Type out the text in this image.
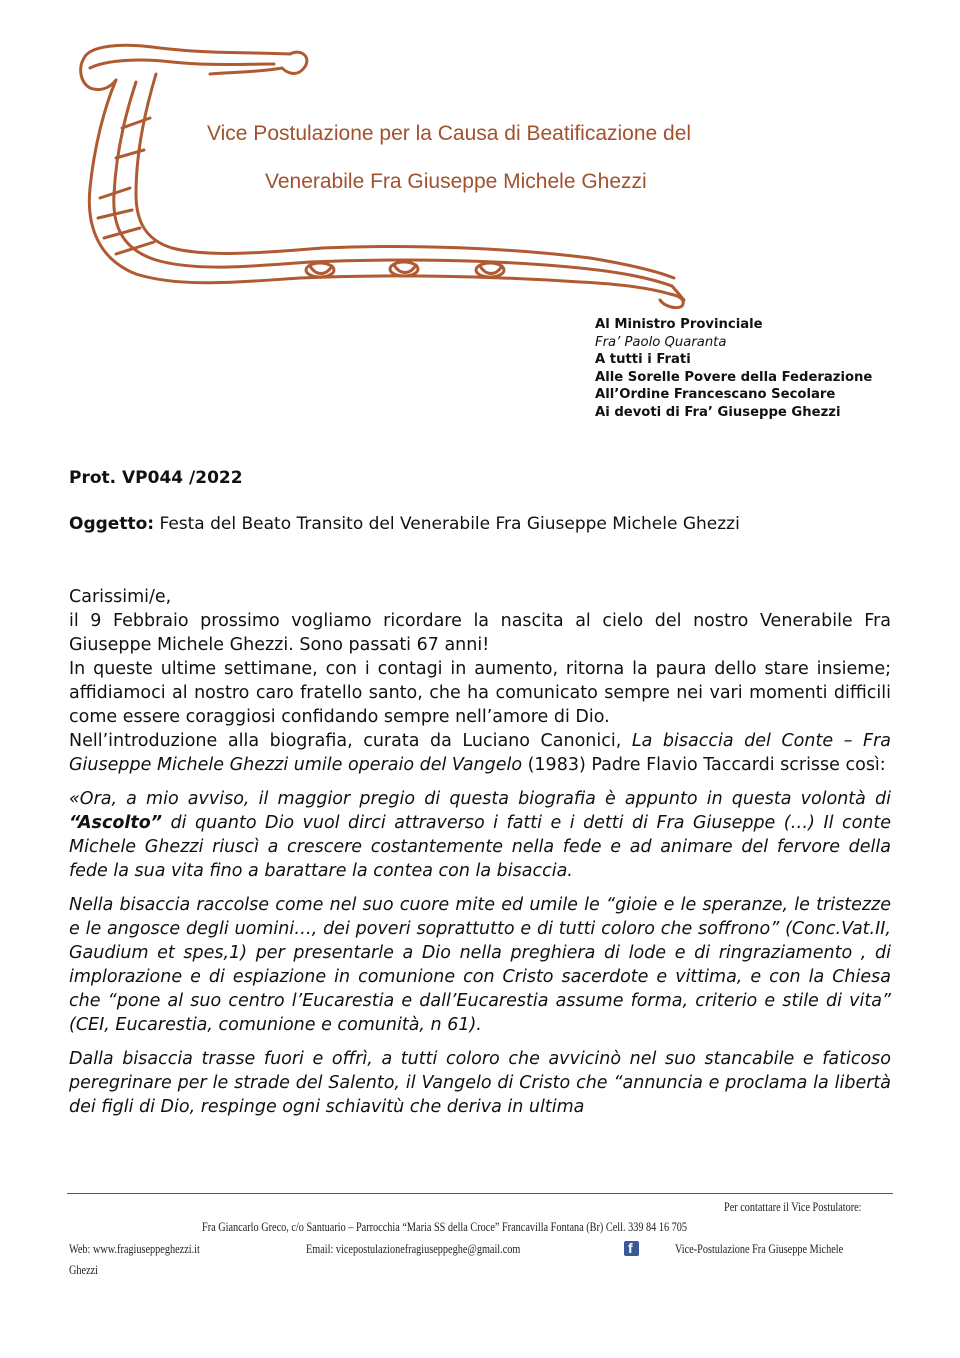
Vice Postulazione per la Causa di Beatificazione del
Venerabile Fra Giuseppe Michele Ghezzi
Al Ministro Provinciale
Fra’ Paolo Quaranta
A tutti i Frati
Alle Sorelle Povere della Federazione
All’Ordine Francescano Secolare
Ai devoti di Fra’ Giuseppe Ghezzi
Prot. VP044 /2022
Oggetto: Festa del Beato Transito del Venerabile Fra Giuseppe Michele Ghezzi

Carissimi/e,

il 9 Febbraio prossimo vogliamo ricordare la nascita al cielo del nostro Venerabile Fra Giuseppe Michele Ghezzi. Sono passati 67 anni!

In queste ultime settimane, con i contagi in aumento, ritorna la paura dello stare insieme; affidiamoci al nostro caro fratello santo, che ha comunicato sempre nei vari momenti difficili come essere coraggiosi confidando sempre nell’amore di Dio.

Nell’introduzione alla biografia, curata da Luciano Canonici, La bisaccia del Conte – Fra Giuseppe Michele Ghezzi umile operaio del Vangelo (1983) Padre Flavio Taccardi scrisse così:

«Ora, a mio avviso, il maggior pregio di questa biografia è appunto in questa volontà di “Ascolto” di quanto Dio vuol dirci attraverso i fatti e i detti di Fra Giuseppe (…) Il conte Michele Ghezzi riuscì a crescere costantemente nella fede e ad animare del fervore della fede la sua vita fino a barattare la contea con la bisaccia.

Nella bisaccia raccolse come nel suo cuore mite ed umile le “gioie e le speranze, le tristezze e le angosce degli uomini…, dei poveri soprattutto e di tutti coloro che soffrono” (Conc.Vat.II, Gaudium et spes,1) per presentarle a Dio nella preghiera di lode e di ringraziamento , di implorazione e di espiazione in comunione con Cristo sacerdote e vittima, e con la Chiesa che “pone al suo centro l’Eucarestia e dall’Eucarestia assume forma, criterio e stile di vita” (CEI, Eucarestia, comunione e comunità, n 61).

Dalla bisaccia trasse fuori e offrì, a tutti coloro che avvicinò nel suo stancabile e faticoso peregrinare per le strade del Salento, il Vangelo di Cristo che “annuncia e proclama la libertà dei figli di Dio, respinge ogni schiavitù che deriva in ultima

Per contattare il Vice Postulatore:
Fra Giancarlo Greco, c/o Santuario – Parrocchia “Maria SS della Croce” Francavilla Fontana (Br) Cell. 339 84 16 705
Web: www.fragiuseppeghezzi.it	Email: vicepostulazionefragiuseppeghe@gmail.com	f	Vice-Postulazione Fra Giuseppe Michele
Ghezzi
